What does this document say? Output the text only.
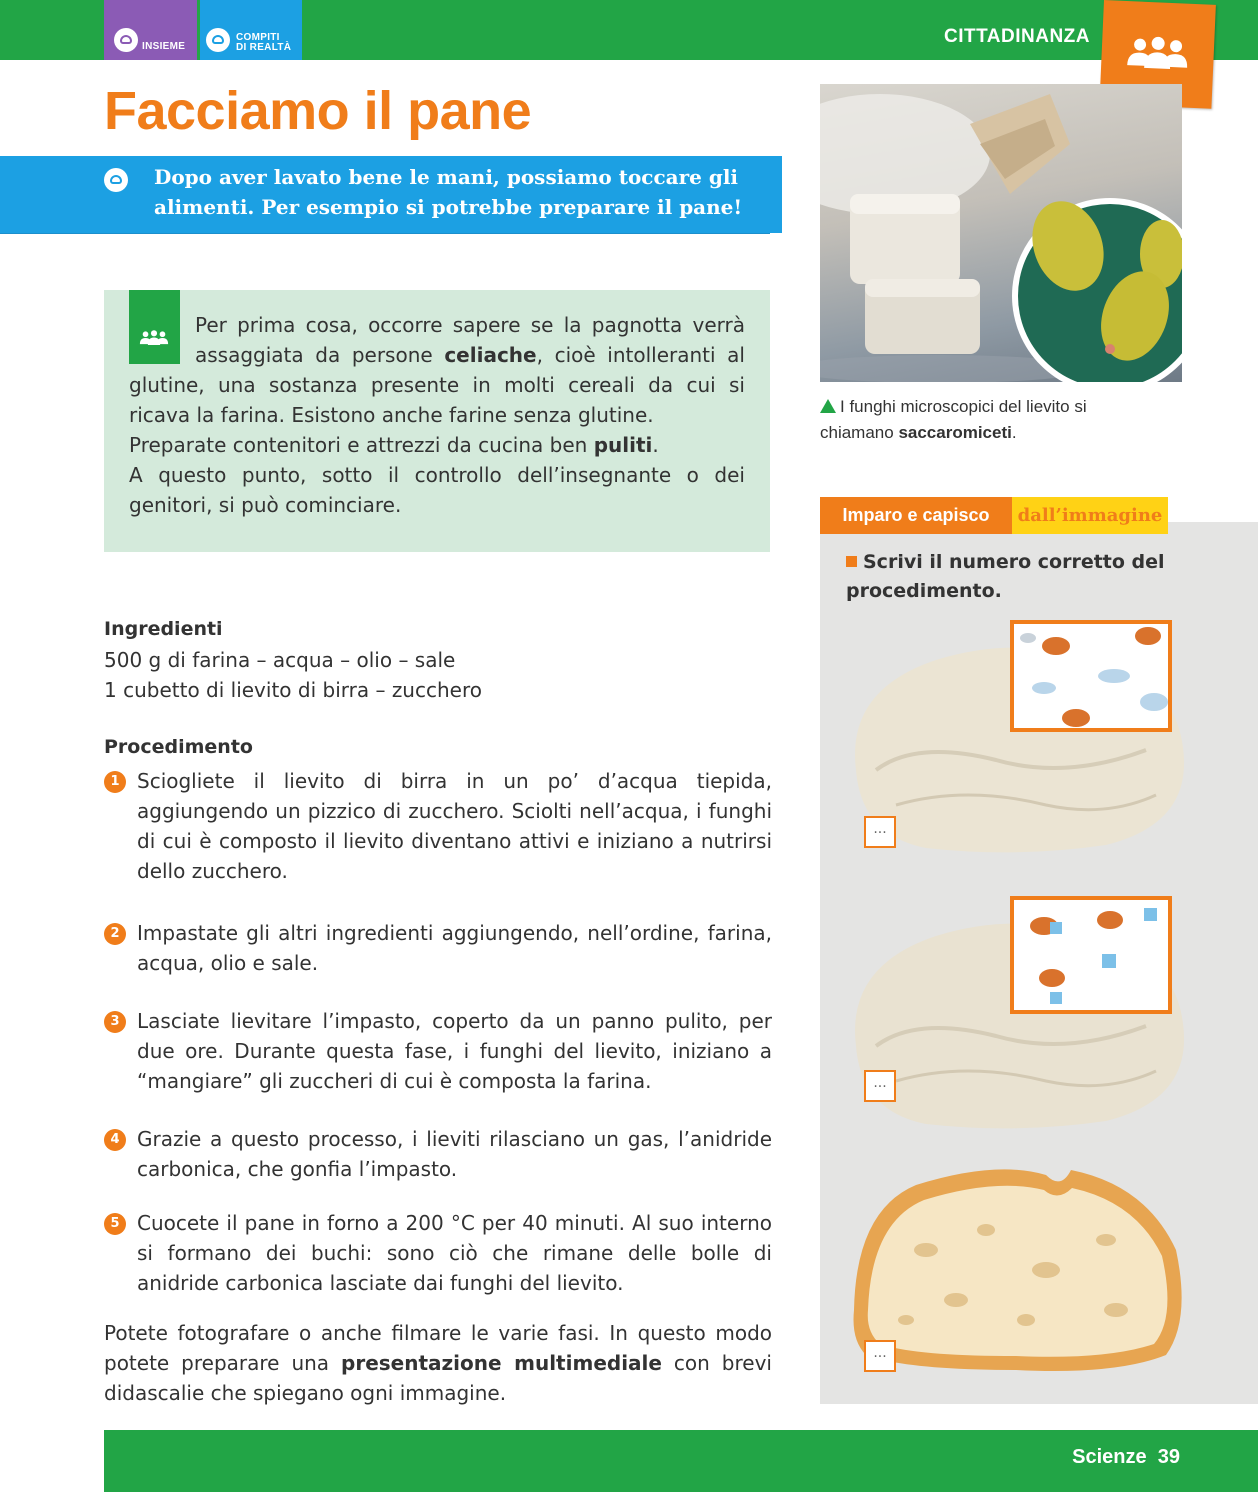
INSIEME
COMPITI
DI REALTÀ
CITTADINANZA
Facciamo il pane
Dopo aver lavato bene le mani, possiamo toccare gli alimenti. Per esempio si potrebbe preparare il pane!
Per prima cosa, occorre sapere se la pagnotta verrà assaggiata da persone celiache, cioè intolleranti al glutine, una sostanza presente in molti cereali da cui si ricava la farina. Esistono anche farine senza glutine.
Preparate contenitori e attrezzi da cucina ben puliti.
A questo punto, sotto il controllo dell’insegnante o dei genitori, si può cominciare.
Ingredienti
500 g di farina – acqua – olio – sale
1 cubetto di lievito di birra – zucchero
Procedimento
1 Sciogliete il lievito di birra in un po’ d’acqua tiepida, aggiungendo un pizzico di zucchero. Sciolti nell’acqua, i funghi di cui è composto il lievito diventano attivi e iniziano a nutrirsi dello zucchero.
2 Impastate gli altri ingredienti aggiungendo, nell’ordine, farina, acqua, olio e sale.
3 Lasciate lievitare l’impasto, coperto da un panno pulito, per due ore. Durante questa fase, i funghi del lievito, iniziano a “mangiare” gli zuccheri di cui è composta la farina.
4 Grazie a questo processo, i lieviti rilasciano un gas, l’anidride carbonica, che gonfia l’impasto.
5 Cuocete il pane in forno a 200 °C per 40 minuti. Al suo interno si formano dei buchi: sono ciò che rimane delle bolle di anidride carbonica lasciate dai funghi del lievito.
Potete fotografare o anche filmare le varie fasi. In questo modo potete preparare una presentazione multimediale con brevi didascalie che spiegano ogni immagine.
I funghi microscopici del lievito si chiamano saccaromiceti.
Imparo e capisco	dall’immagine
Scrivi il numero corretto del procedimento.
...
...
...
Scienze 39
